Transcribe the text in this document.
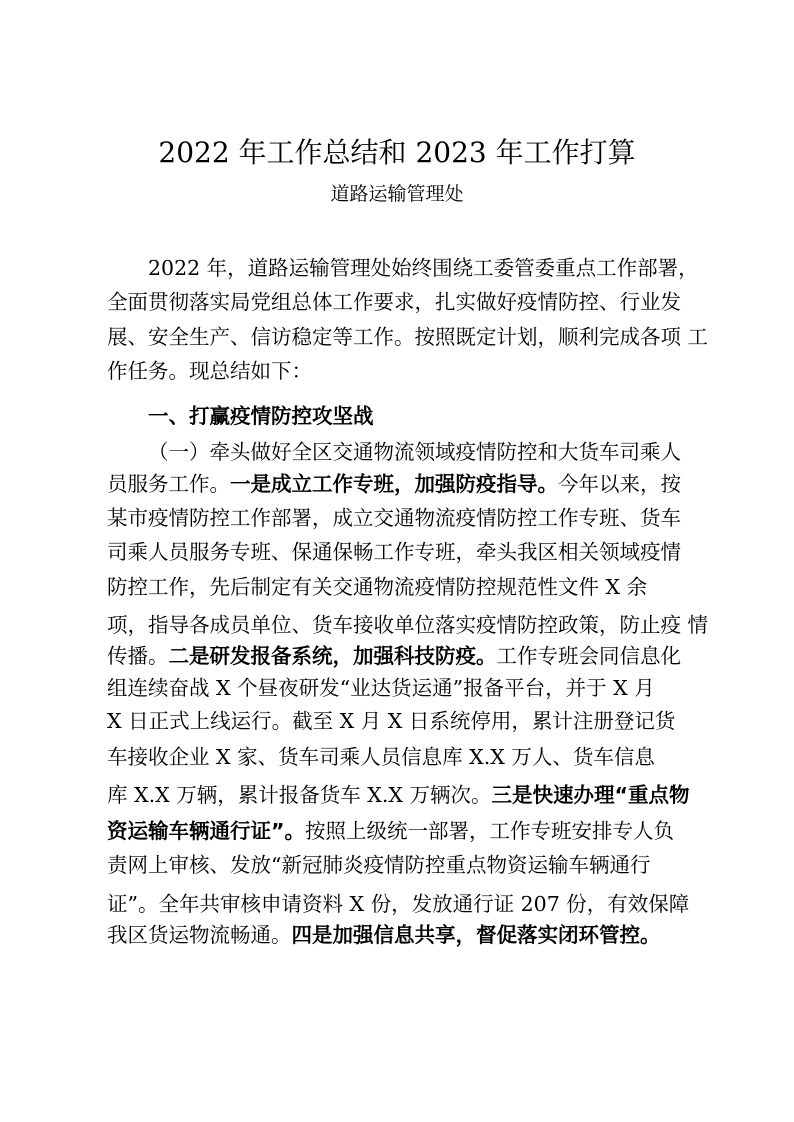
2022 年工作总结和 2023 年工作打算
道路运输管理处
2022 年，道路运输管理处始终围绕工委管委重点工作部署，
全面贯彻落实局党组总体工作要求，扎实做好疫情防控、行业发
展、安全生产、信访稳定等工作。按照既定计划，顺利完成各项 工
作任务。现总结如下：
一、打赢疫情防控攻坚战
（一）牵头做好全区交通物流领域疫情防控和大货车司乘人
员服务工作。一是成立工作专班，加强防疫指导。今年以来，按
某市疫情防控工作部署，成立交通物流疫情防控工作专班、货车
司乘人员服务专班、保通保畅工作专班，牵头我区相关领域疫情
防控工作，先后制定有关交通物流疫情防控规范性文件 X 余
项，指导各成员单位、货车接收单位落实疫情防控政策，防止疫 情
传播。二是研发报备系统，加强科技防疫。工作专班会同信息化
组连续奋战 X 个昼夜研发“业达货运通”报备平台，并于 X 月
X 日正式上线运行。截至 X 月 X 日系统停用，累计注册登记货
车接收企业 X 家、货车司乘人员信息库 X.X 万人、货车信息
库 X.X 万辆，累计报备货车 X.X 万辆次。三是快速办理“重点物
资运输车辆通行证”。按照上级统一部署，工作专班安排专人负
责网上审核、发放“新冠肺炎疫情防控重点物资运输车辆通行
证”。全年共审核申请资料 X 份，发放通行证 207 份，有效保障
我区货运物流畅通。四是加强信息共享，督促落实闭环管控。
